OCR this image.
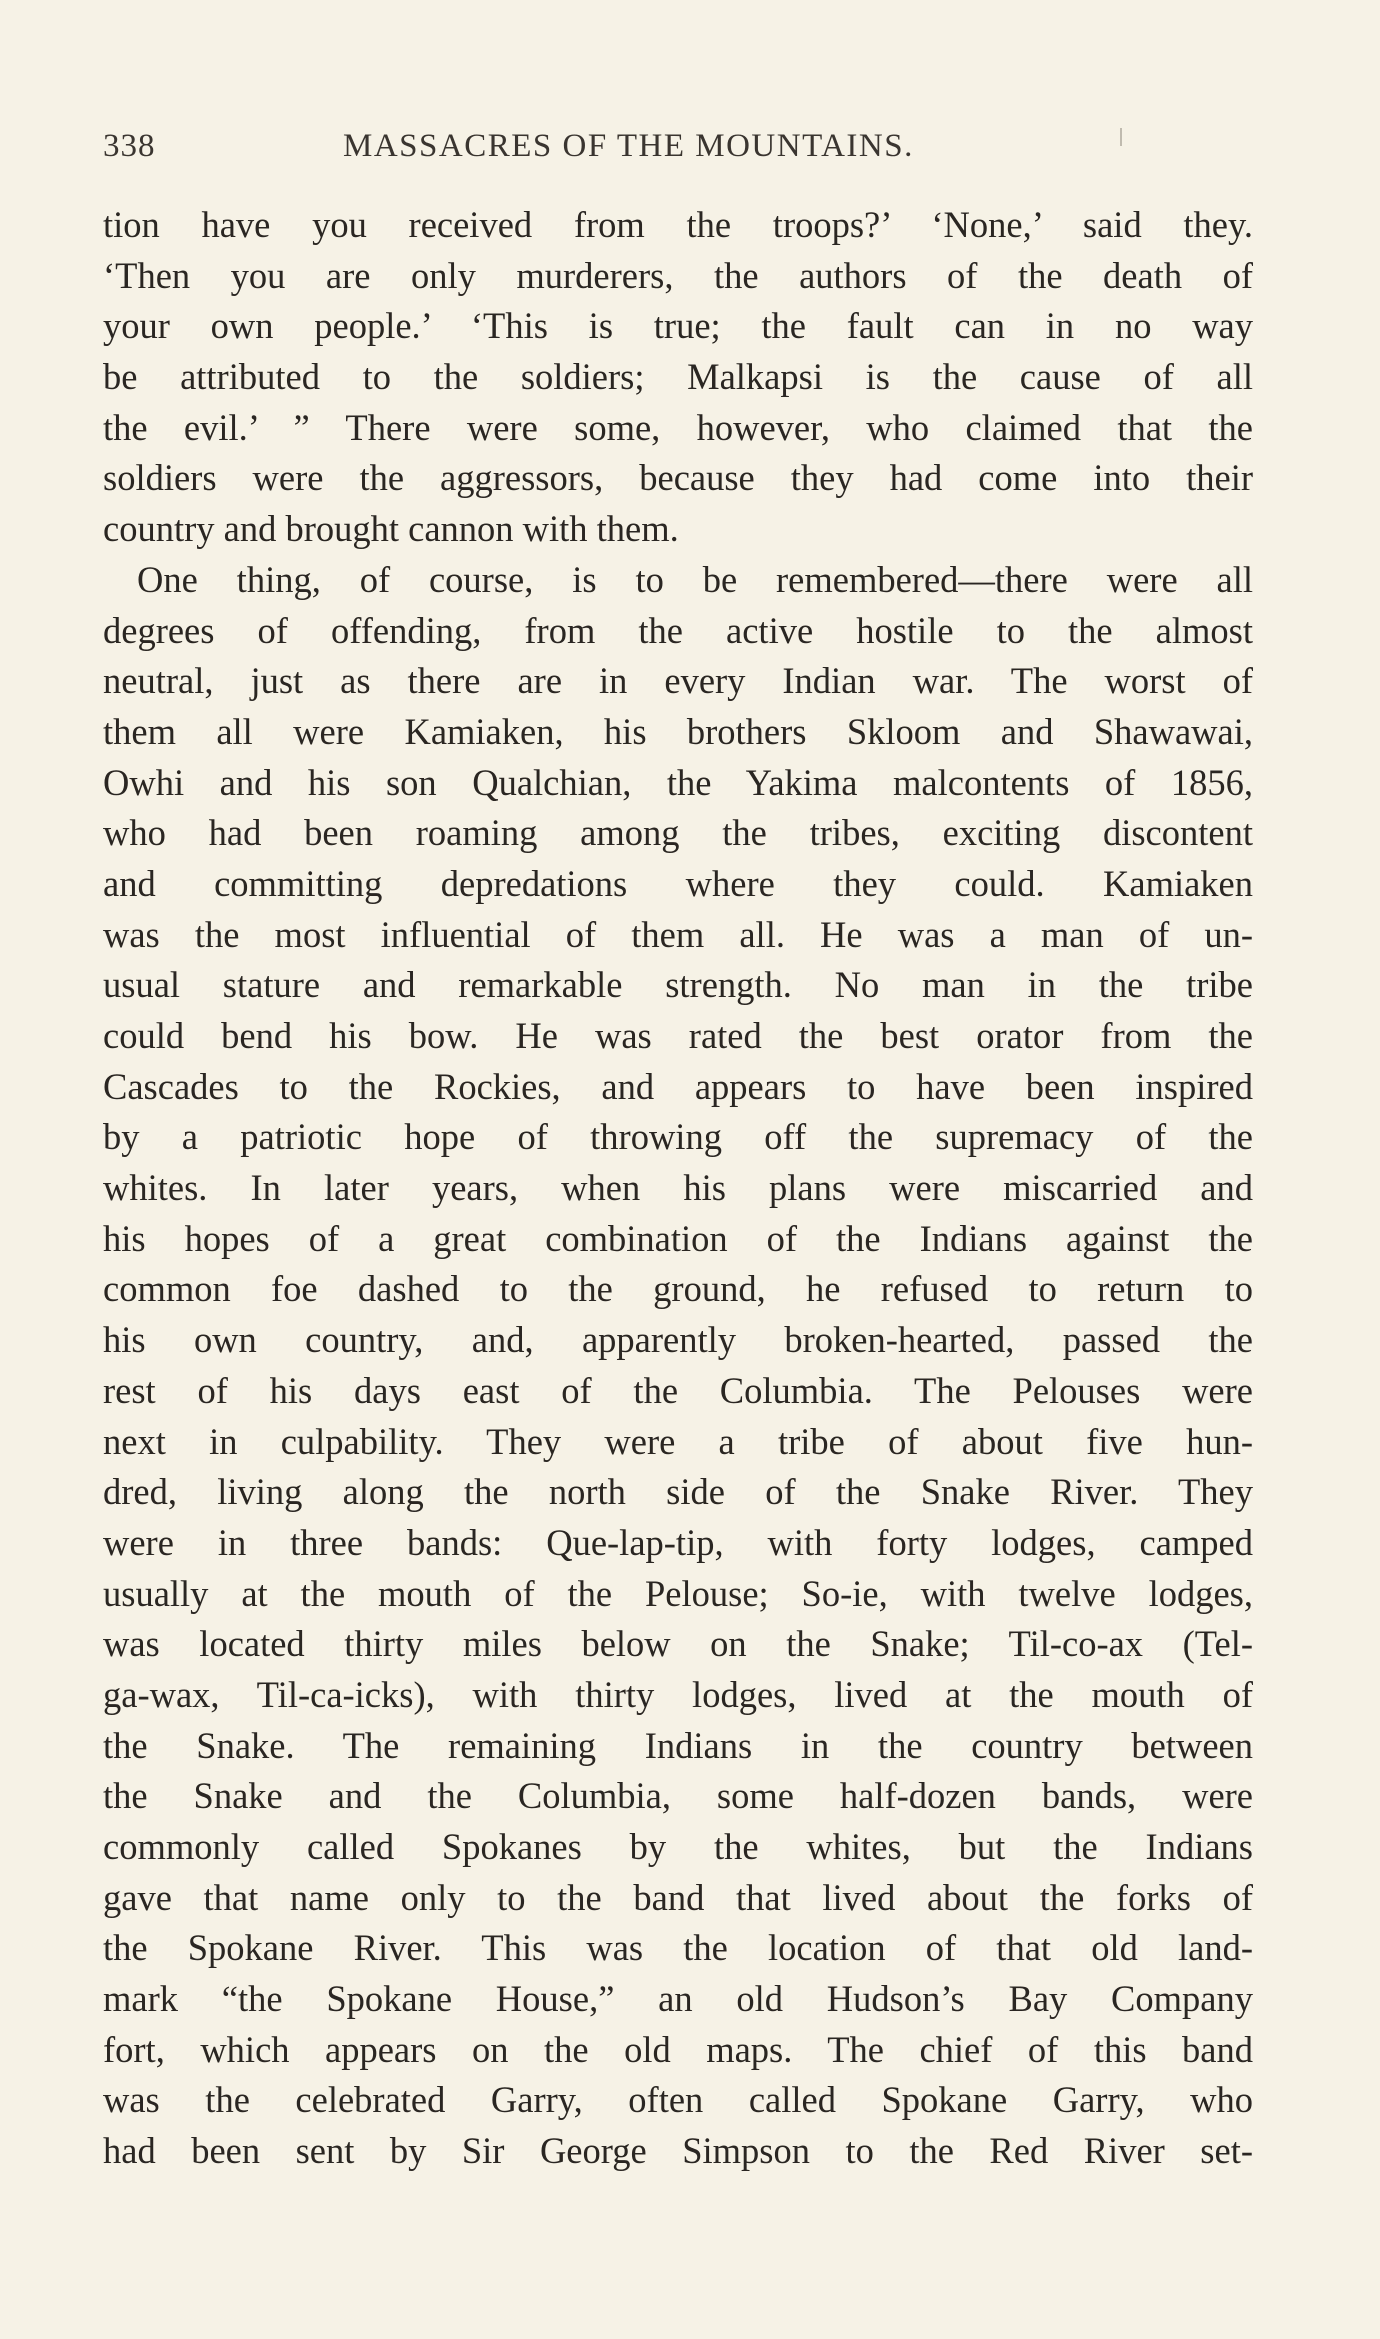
338	MASSACRES OF THE MOUNTAINS.
tion have you received from the troops?’ ‘None,’ said they.
‘Then you are only murderers, the authors of the death of
your own people.’ ‘This is true; the fault can in no way
be attributed to the soldiers; Malkapsi is the cause of all
the evil.’ ” There were some, however, who claimed that the
soldiers were the aggressors, because they had come into their
country and brought cannon with them.
One thing, of course, is to be remembered—there were all
degrees of offending, from the active hostile to the almost
neutral, just as there are in every Indian war. The worst of
them all were Kamiaken, his brothers Skloom and Shawawai,
Owhi and his son Qualchian, the Yakima malcontents of 1856,
who had been roaming among the tribes, exciting discontent
and committing depredations where they could. Kamiaken
was the most influential of them all. He was a man of un-
usual stature and remarkable strength. No man in the tribe
could bend his bow. He was rated the best orator from the
Cascades to the Rockies, and appears to have been inspired
by a patriotic hope of throwing off the supremacy of the
whites. In later years, when his plans were miscarried and
his hopes of a great combination of the Indians against the
common foe dashed to the ground, he refused to return to
his own country, and, apparently broken-hearted, passed the
rest of his days east of the Columbia. The Pelouses were
next in culpability. They were a tribe of about five hun-
dred, living along the north side of the Snake River. They
were in three bands: Que-lap-tip, with forty lodges, camped
usually at the mouth of the Pelouse; So-ie, with twelve lodges,
was located thirty miles below on the Snake; Til-co-ax (Tel-
ga-wax, Til-ca-icks), with thirty lodges, lived at the mouth of
the Snake. The remaining Indians in the country between
the Snake and the Columbia, some half-dozen bands, were
commonly called Spokanes by the whites, but the Indians
gave that name only to the band that lived about the forks of
the Spokane River. This was the location of that old land-
mark “the Spokane House,” an old Hudson’s Bay Company
fort, which appears on the old maps. The chief of this band
was the celebrated Garry, often called Spokane Garry, who
had been sent by Sir George Simpson to the Red River set-
